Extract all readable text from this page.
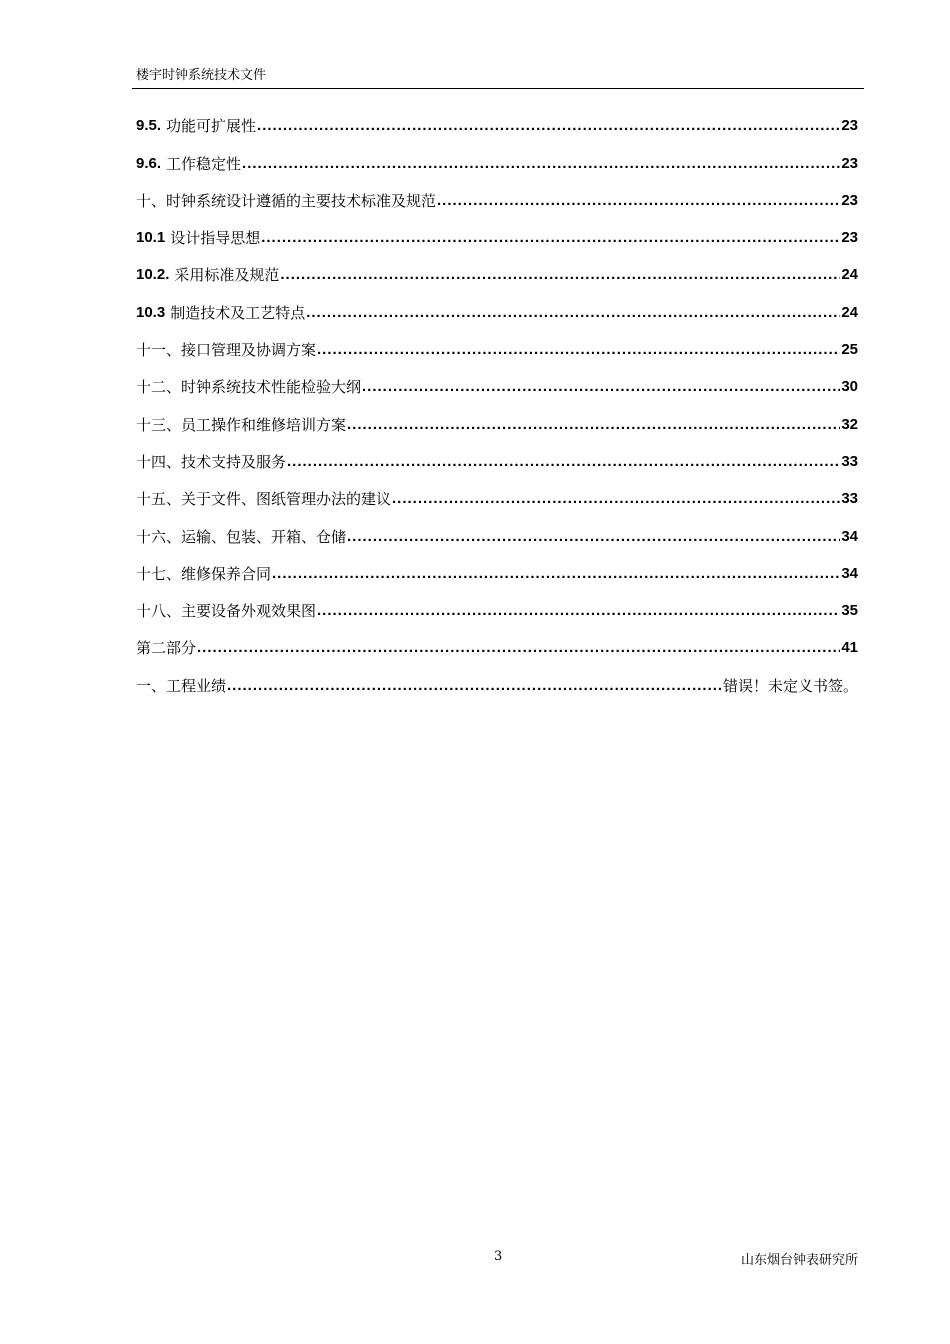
楼宇时钟系统技术文件
9.5. 功能可扩展性 .....	23
9.6. 工作稳定性 .....	23
十、时钟系统设计遵循的主要技术标准及规范 .....	23
10.1 设计指导思想 .....	23
10.2. 采用标准及规范 .....	24
10.3 制造技术及工艺特点 .....	24
十一、接口管理及协调方案 .....	25
十二、时钟系统技术性能检验大纲 .....	30
十三、员工操作和维修培训方案 .....	32
十四、技术支持及服务 .....	33
十五、关于文件、图纸管理办法的建议 .....	33
十六、运输、包装、开箱、仓储 .....	34
十七、维修保养合同 .....	34
十八、主要设备外观效果图 .....	35
第二部分 .....	41
一、工程业绩 .....	错误！未定义书签。
3	山东烟台钟表研究所
